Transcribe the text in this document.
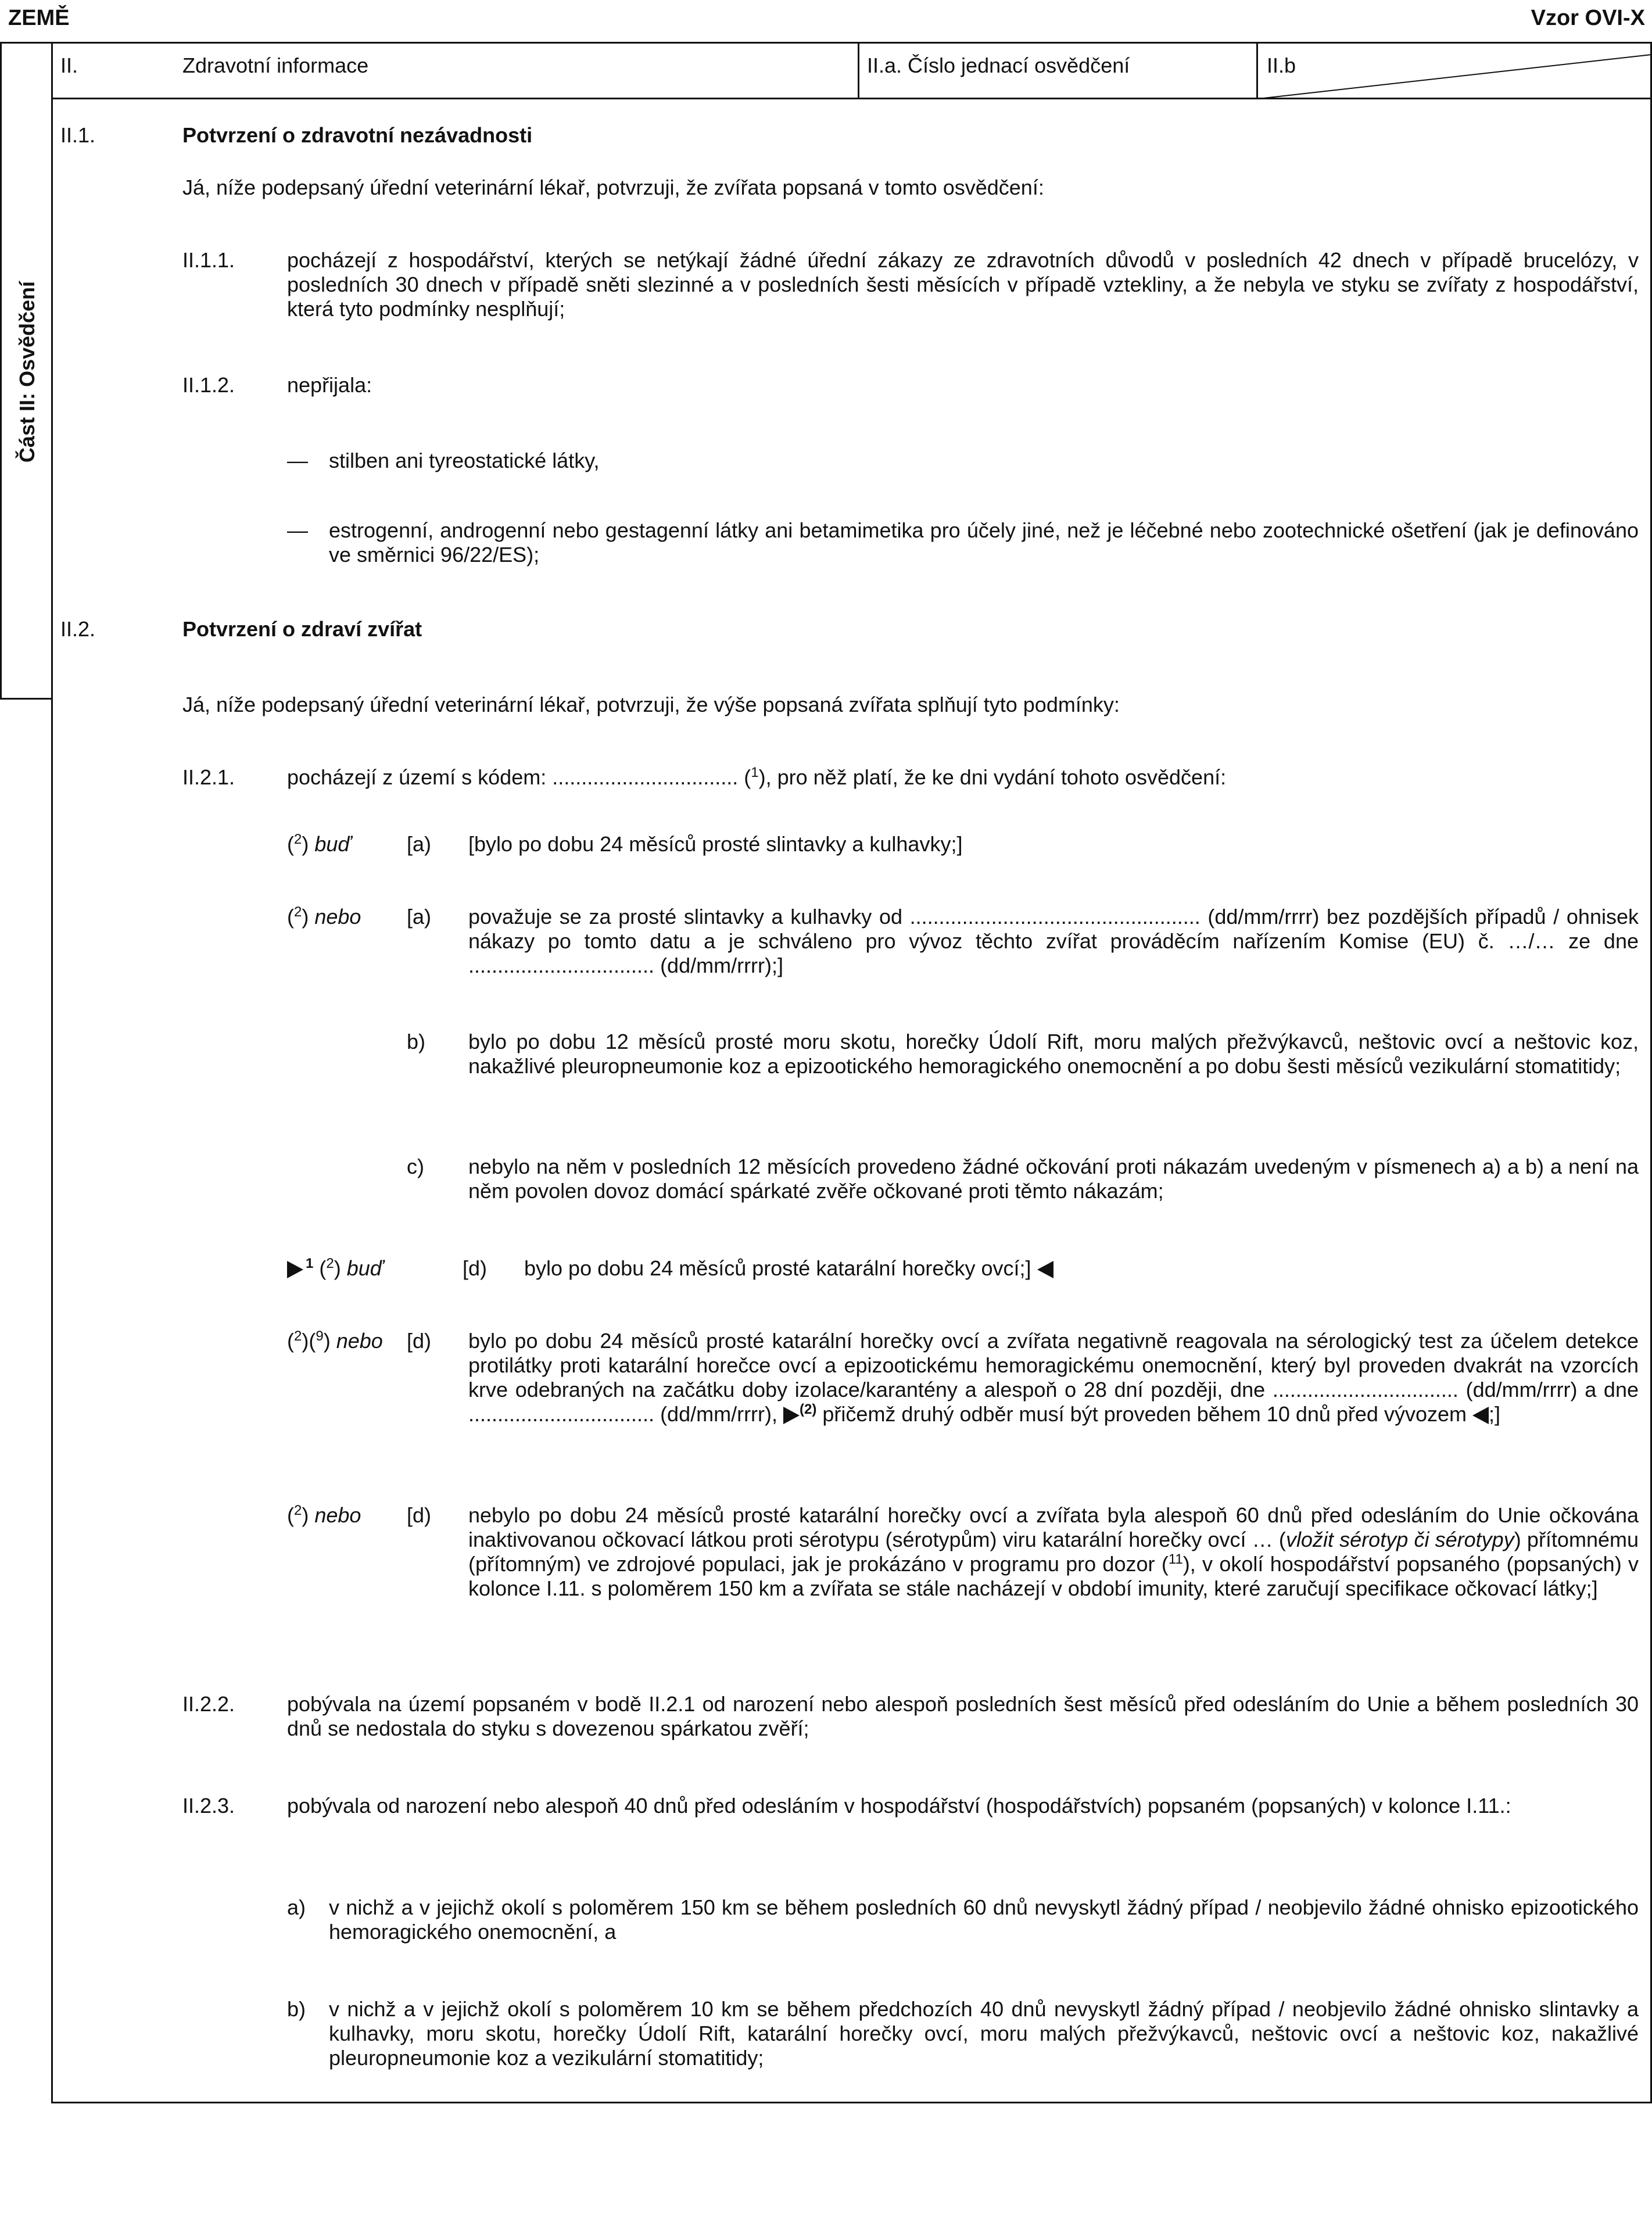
ZEMĚ	Vzor OVI-X
Část II: Osvědčení
II.	Zdravotní informace	II.a. Číslo jednací osvědčení	II.b
II.1.	Potvrzení o zdravotní nezávadnosti
Já, níže podepsaný úřední veterinární lékař, potvrzuji, že zvířata popsaná v tomto osvědčení:
II.1.1. pocházejí z hospodářství, kterých se netýkají žádné úřední zákazy ze zdravotních důvodů v posledních 42 dnech v případě brucelózy, v posledních 30 dnech v případě sněti slezinné a v posledních šesti měsících v případě vztekliny, a že nebyla ve styku se zvířaty z hospodářství, která tyto podmínky nesplňují;
II.1.2. nepřijala:
— stilben ani tyreostatické látky,
— estrogenní, androgenní nebo gestagenní látky ani betamimetika pro účely jiné, než je léčebné nebo zootechnické ošetření (jak je definováno ve směrnici 96/22/ES);
II.2.	Potvrzení o zdraví zvířat
Já, níže podepsaný úřední veterinární lékař, potvrzuji, že výše popsaná zvířata splňují tyto podmínky:
II.2.1. pocházejí z území s kódem: ................................ ($^1$), pro něž platí, že ke dni vydání tohoto osvědčení:
($^2$) buď	[a) [bylo po dobu 24 měsíců prosté slintavky a kulhavky;]
($^2$) nebo [a) považuje se za prosté slintavky a kulhavky od .................................................. (dd/mm/rrrr) bez pozdějších případů / ohnisek nákazy po tomto datu a je schváleno pro vývoz těchto zvířat prováděcím nařízením Komise (EU) č. …/… ze dne ................................ (dd/mm/rrrr);]
b) bylo po dobu 12 měsíců prosté moru skotu, horečky Údolí Rift, moru malých přežvýkavců, neštovic ovcí a neštovic koz, nakažlivé pleuropneumonie koz a epizootického hemoragického onemocnění a po dobu šesti měsíců vezikulární stomatitidy;
c) nebylo na něm v posledních 12 měsících provedeno žádné očkování proti nákazám uvedeným v písmenech a) a b) a není na něm povolen dovoz domácí spárkaté zvěře očkované proti těmto nákazám;
$^1$ ($^2$) buď	[d) bylo po dobu 24 měsíců prosté katarální horečky ovcí;]
($^2$)($^9$) nebo [d) bylo po dobu 24 měsíců prosté katarální horečky ovcí a zvířata negativně reagovala na sérologický test za účelem detekce protilátky proti katarální horečce ovcí a epizootickému hemoragickému onemocnění, který byl proveden dvakrát na vzorcích krve odebraných na začátku doby izolace/karantény a alespoň o 28 dní později, dne ................................ (dd/mm/rrrr) a dne ................................ (dd/mm/rrrr), $^{(2)}$ přičemž druhý odběr musí být proveden během 10 dnů před vývozem ;]
($^2$) nebo [d) nebylo po dobu 24 měsíců prosté katarální horečky ovcí a zvířata byla alespoň 60 dnů před odesláním do Unie očkována inaktivovanou očkovací látkou proti sérotypu (sérotypům) viru katarální horečky ovcí … (vložit sérotyp či sérotypy) přítomnému (přítomným) ve zdrojové populaci, jak je prokázáno v programu pro dozor ($^{11}$), v okolí hospodářství popsaného (popsaných) v kolonce I.11. s poloměrem 150 km a zvířata se stále nacházejí v období imunity, které zaručují specifikace očkovací látky;]
II.2.2. pobývala na území popsaném v bodě II.2.1 od narození nebo alespoň posledních šest měsíců před odesláním do Unie a během posledních 30 dnů se nedostala do styku s dovezenou spárkatou zvěří;
II.2.3. pobývala od narození nebo alespoň 40 dnů před odesláním v hospodářství (hospodářstvích) popsaném (popsaných) v kolonce I.11.:
a) v nichž a v jejichž okolí s poloměrem 150 km se během posledních 60 dnů nevyskytl žádný případ / neobjevilo žádné ohnisko epizootického hemoragického onemocnění, a
b) v nichž a v jejichž okolí s poloměrem 10 km se během předchozích 40 dnů nevyskytl žádný případ / neobjevilo žádné ohnisko slintavky a kulhavky, moru skotu, horečky Údolí Rift, katarální horečky ovcí, moru malých přežvýkavců, neštovic ovcí a neštovic koz, nakažlivé pleuropneumonie koz a vezikulární stomatitidy;
